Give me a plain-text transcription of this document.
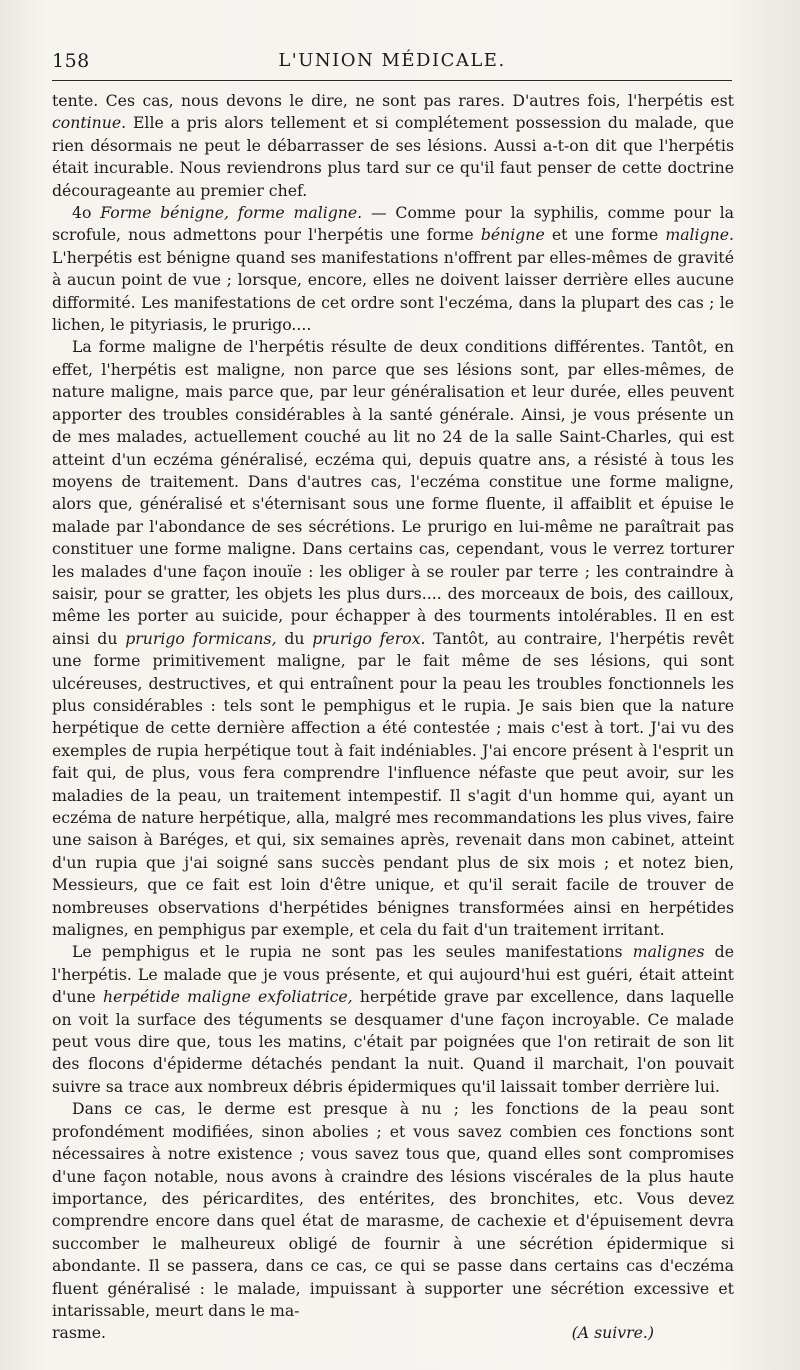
158	L'UNION MÉDICALE.

tente. Ces cas, nous devons le dire, ne sont pas rares. D'autres fois, l'herpétis est continue. Elle a pris alors tellement et si complétement possession du malade, que rien désormais ne peut le débarrasser de ses lésions. Aussi a-t-on dit que l'herpétis était incurable. Nous reviendrons plus tard sur ce qu'il faut penser de cette doctrine décourageante au premier chef.

4o Forme bénigne, forme maligne. — Comme pour la syphilis, comme pour la scrofule, nous admettons pour l'herpétis une forme bénigne et une forme maligne. L'herpétis est bénigne quand ses manifestations n'offrent par elles-mêmes de gravité à aucun point de vue ; lorsque, encore, elles ne doivent laisser derrière elles aucune difformité. Les manifestations de cet ordre sont l'eczéma, dans la plupart des cas ; le lichen, le pityriasis, le prurigo....

La forme maligne de l'herpétis résulte de deux conditions différentes. Tantôt, en effet, l'herpétis est maligne, non parce que ses lésions sont, par elles-mêmes, de nature maligne, mais parce que, par leur généralisation et leur durée, elles peuvent apporter des troubles considérables à la santé générale. Ainsi, je vous présente un de mes malades, actuellement couché au lit no 24 de la salle Saint-Charles, qui est atteint d'un eczéma généralisé, eczéma qui, depuis quatre ans, a résisté à tous les moyens de traitement. Dans d'autres cas, l'eczéma constitue une forme maligne, alors que, généralisé et s'éternisant sous une forme fluente, il affaiblit et épuise le malade par l'abondance de ses sécrétions. Le prurigo en lui-même ne paraîtrait pas constituer une forme maligne. Dans certains cas, cependant, vous le verrez torturer les malades d'une façon inouïe : les obliger à se rouler par terre ; les contraindre à saisir, pour se gratter, les objets les plus durs.... des morceaux de bois, des cailloux, même les porter au suicide, pour échapper à des tourments intolérables. Il en est ainsi du prurigo formicans, du prurigo ferox. Tantôt, au contraire, l'herpétis revêt une forme primitivement maligne, par le fait même de ses lésions, qui sont ulcéreuses, destructives, et qui entraînent pour la peau les troubles fonctionnels les plus considérables : tels sont le pemphigus et le rupia. Je sais bien que la nature herpétique de cette dernière affection a été contestée ; mais c'est à tort. J'ai vu des exemples de rupia herpétique tout à fait indéniables. J'ai encore présent à l'esprit un fait qui, de plus, vous fera comprendre l'influence néfaste que peut avoir, sur les maladies de la peau, un traitement intempestif. Il s'agit d'un homme qui, ayant un eczéma de nature herpétique, alla, malgré mes recommandations les plus vives, faire une saison à Baréges, et qui, six semaines après, revenait dans mon cabinet, atteint d'un rupia que j'ai soigné sans succès pendant plus de six mois ; et notez bien, Messieurs, que ce fait est loin d'être unique, et qu'il serait facile de trouver de nombreuses observations d'herpétides bénignes transformées ainsi en herpétides malignes, en pemphigus par exemple, et cela du fait d'un traitement irritant.

Le pemphigus et le rupia ne sont pas les seules manifestations malignes de l'herpétis. Le malade que je vous présente, et qui aujourd'hui est guéri, était atteint d'une herpétide maligne exfoliatrice, herpétide grave par excellence, dans laquelle on voit la surface des téguments se desquamer d'une façon incroyable. Ce malade peut vous dire que, tous les matins, c'était par poignées que l'on retirait de son lit des flocons d'épiderme détachés pendant la nuit. Quand il marchait, l'on pouvait suivre sa trace aux nombreux débris épidermiques qu'il laissait tomber derrière lui.

Dans ce cas, le derme est presque à nu ; les fonctions de la peau sont profondément modifiées, sinon abolies ; et vous savez combien ces fonctions sont nécessaires à notre existence ; vous savez tous que, quand elles sont compromises d'une façon notable, nous avons à craindre des lésions viscérales de la plus haute importance, des péricardites, des entérites, des bronchites, etc. Vous devez comprendre encore dans quel état de marasme, de cachexie et d'épuisement devra succomber le malheureux obligé de fournir à une sécrétion épidermique si abondante. Il se passera, dans ce cas, ce qui se passe dans certains cas d'eczéma fluent généralisé : le malade, impuissant à supporter une sécrétion excessive et intarissable, meurt dans le ma-

rasme.	(A suivre.)
